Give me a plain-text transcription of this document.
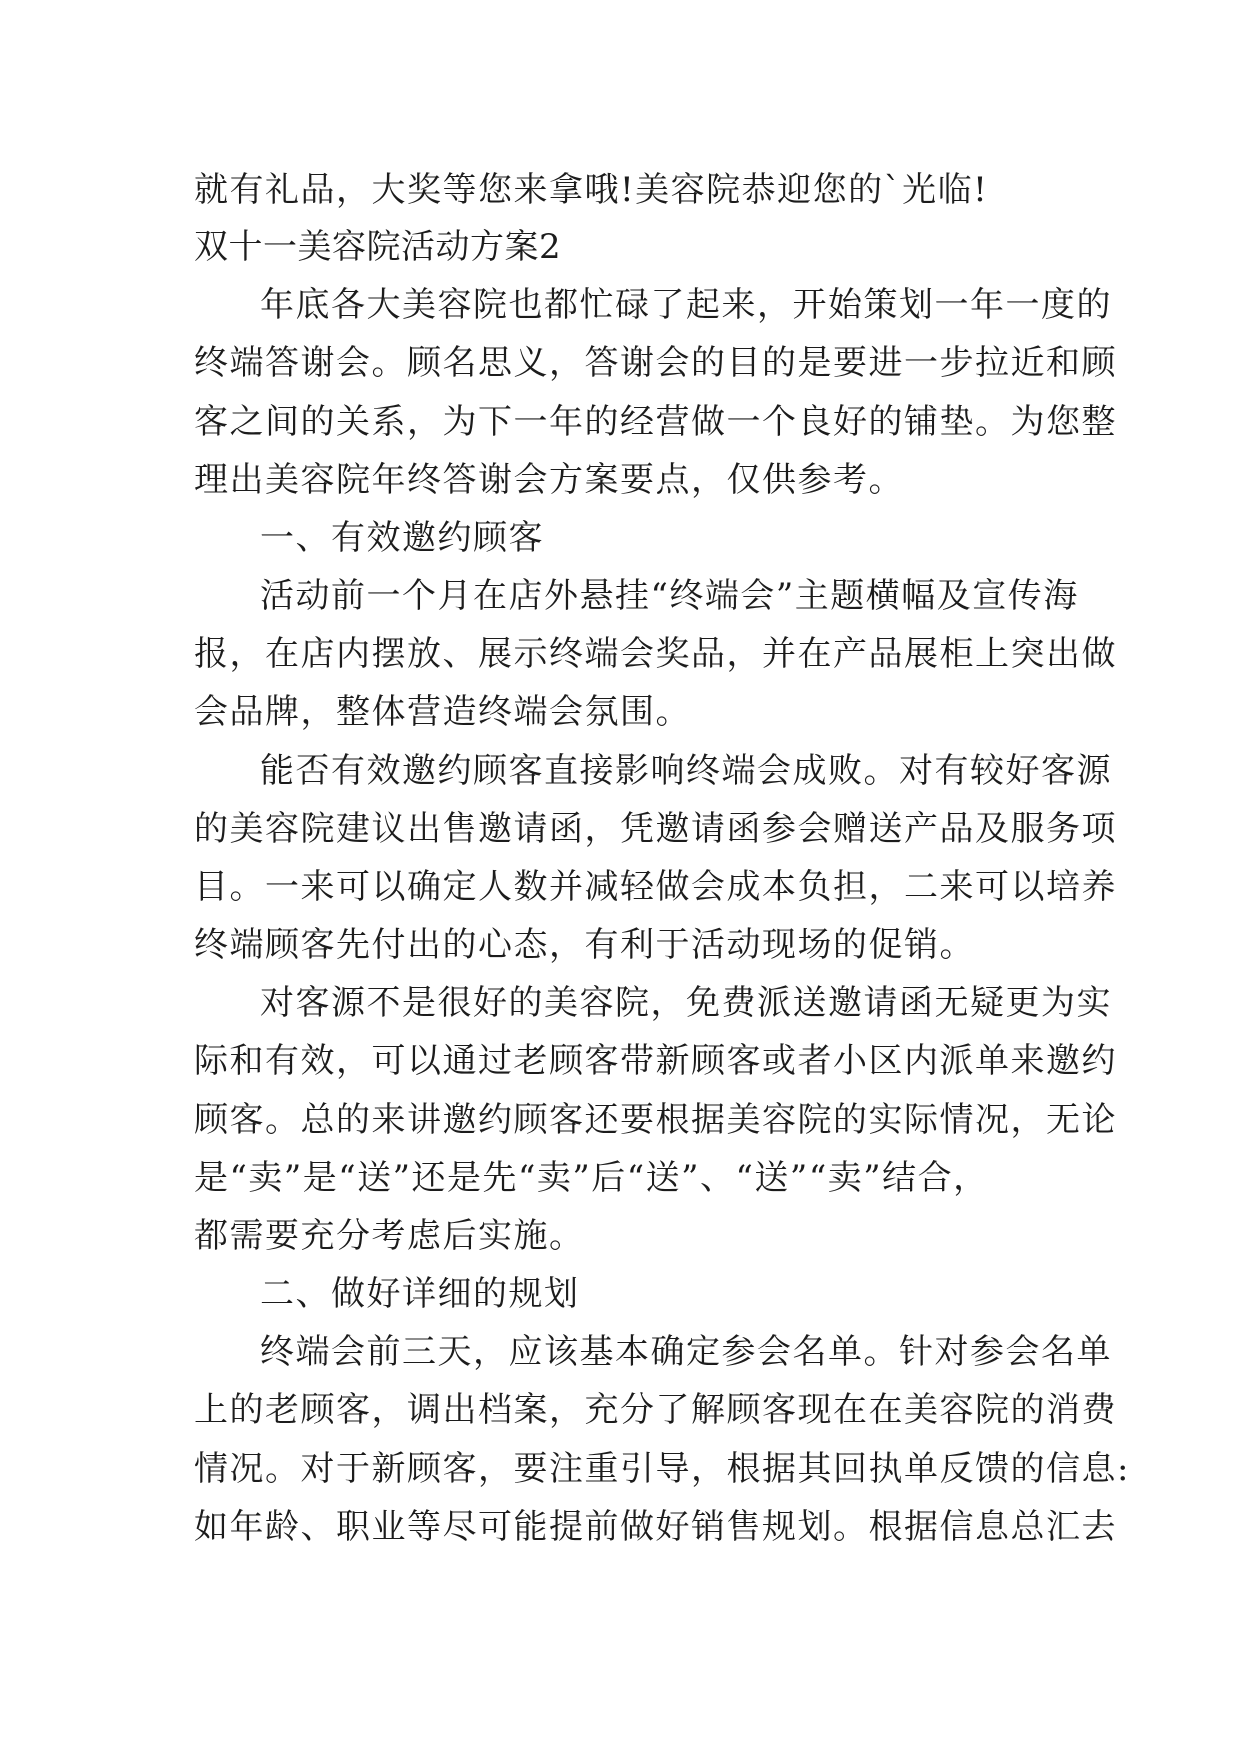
就有礼品，大奖等您来拿哦!美容院恭迎您的`光临!

双十一美容院活动方案2

年底各大美容院也都忙碌了起来，开始策划一年一度的

终端答谢会。顾名思义，答谢会的目的是要进一步拉近和顾

客之间的关系，为下一年的经营做一个良好的铺垫。为您整

理出美容院年终答谢会方案要点，仅供参考。

一、有效邀约顾客

活动前一个月在店外悬挂“终端会”主题横幅及宣传海

报，在店内摆放、展示终端会奖品，并在产品展柜上突出做

会品牌，整体营造终端会氛围。

能否有效邀约顾客直接影响终端会成败。对有较好客源

的美容院建议出售邀请函，凭邀请函参会赠送产品及服务项

目。一来可以确定人数并减轻做会成本负担，二来可以培养

终端顾客先付出的心态，有利于活动现场的促销。

对客源不是很好的美容院，免费派送邀请函无疑更为实

际和有效，可以通过老顾客带新顾客或者小区内派单来邀约

顾客。总的来讲邀约顾客还要根据美容院的实际情况，无论

是“卖”是“送”还是先“卖”后“送”、“送”“卖”结合，

都需要充分考虑后实施。

二、做好详细的规划

终端会前三天，应该基本确定参会名单。针对参会名单

上的老顾客，调出档案，充分了解顾客现在在美容院的消费

情况。对于新顾客，要注重引导，根据其回执单反馈的信息:

如年龄、职业等尽可能提前做好销售规划。根据信息总汇去
